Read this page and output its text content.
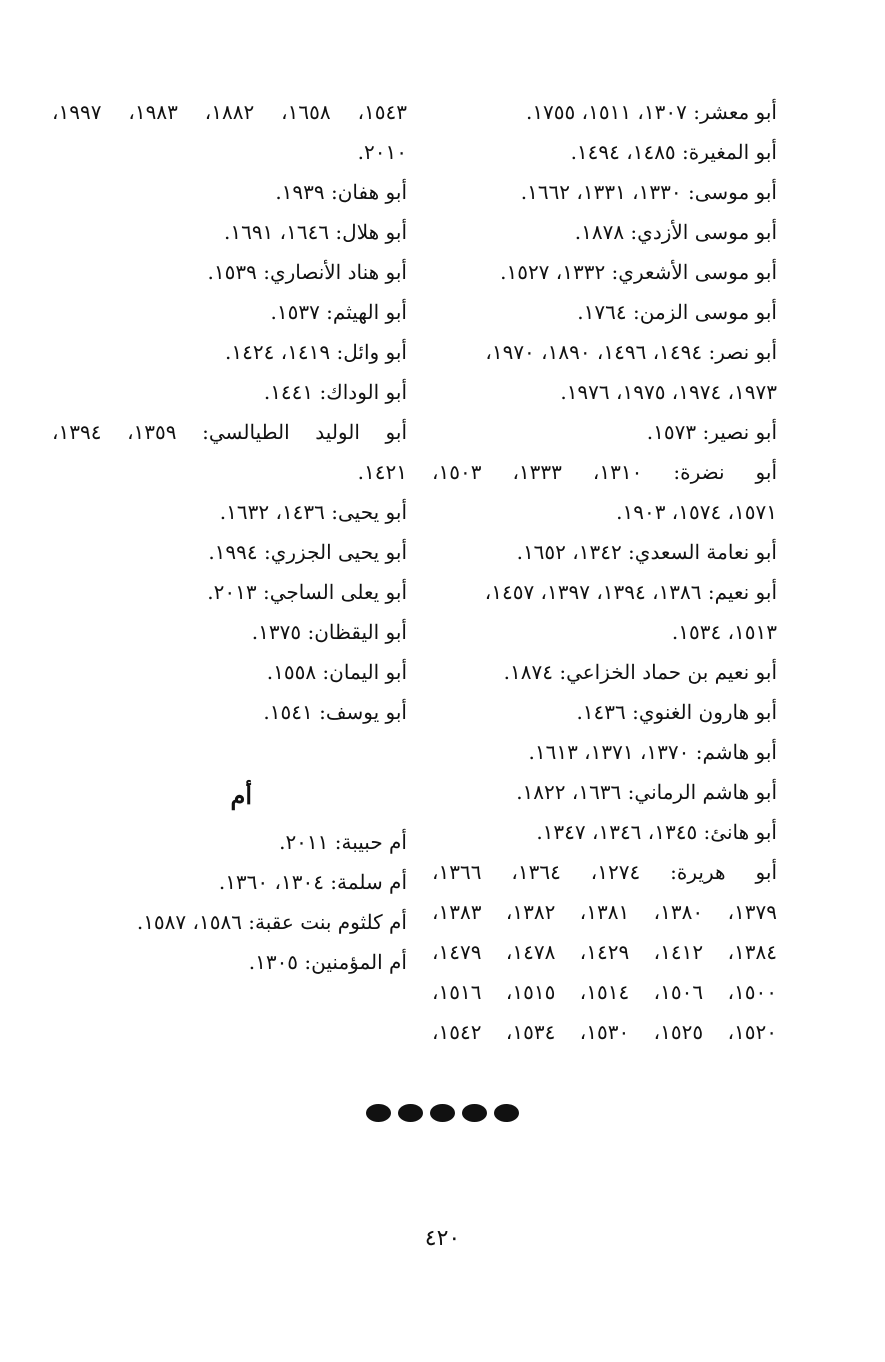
أبو معشر: ١٣٠٧، ١٥١١، ١٧٥٥.
أبو المغيرة: ١٤٨٥، ١٤٩٤.
أبو موسى: ١٣٣٠، ١٣٣١، ١٦٦٢.
أبو موسى الأزدي: ١٨٧٨.
أبو موسى الأشعري: ١٣٣٢، ١٥٢٧.
أبو موسى الزمن: ١٧٦٤.
أبو نصر: ١٤٩٤، ١٤٩٦، ١٨٩٠، ١٩٧٠،
١٩٧٣، ١٩٧٤، ١٩٧٥، ١٩٧٦.
أبو نصير: ١٥٧٣.
أبو نضرة: ١٣١٠، ١٣٣٣، ١٥٠٣،
١٥٧١، ١٥٧٤، ١٩٠٣.
أبو نعامة السعدي: ١٣٤٢، ١٦٥٢.
أبو نعيم: ١٣٨٦، ١٣٩٤، ١٣٩٧، ١٤٥٧،
١٥١٣، ١٥٣٤.
أبو نعيم بن حماد الخزاعي: ١٨٧٤.
أبو هارون الغنوي: ١٤٣٦.
أبو هاشم: ١٣٧٠، ١٣٧١، ١٦١٣.
أبو هاشم الرماني: ١٦٣٦، ١٨٢٢.
أبو هانئ: ١٣٤٥، ١٣٤٦، ١٣٤٧.
أبو هريرة: ١٢٧٤، ١٣٦٤، ١٣٦٦،
١٣٧٩، ١٣٨٠، ١٣٨١، ١٣٨٢، ١٣٨٣،
١٣٨٤، ١٤١٢، ١٤٢٩، ١٤٧٨، ١٤٧٩،
١٥٠٠، ١٥٠٦، ١٥١٤، ١٥١٥، ١٥١٦،
١٥٢٠، ١٥٢٥، ١٥٣٠، ١٥٣٤، ١٥٤٢،
١٥٤٣، ١٦٥٨، ١٨٨٢، ١٩٨٣، ١٩٩٧،
٢٠١٠.
أبو هفان: ١٩٣٩.
أبو هلال: ١٦٤٦، ١٦٩١.
أبو هناد الأنصاري: ١٥٣٩.
أبو الهيثم: ١٥٣٧.
أبو وائل: ١٤١٩، ١٤٢٤.
أبو الوداك: ١٤٤١.
أبو الوليد الطيالسي: ١٣٥٩، ١٣٩٤،
١٤٢١.
أبو يحيى: ١٤٣٦، ١٦٣٢.
أبو يحيى الجزري: ١٩٩٤.
أبو يعلى الساجي: ٢٠١٣.
أبو اليقظان: ١٣٧٥.
أبو اليمان: ١٥٥٨.
أبو يوسف: ١٥٤١.
أم
أم حبيبة: ٢٠١١.
أم سلمة: ١٣٠٤، ١٣٦٠.
أم كلثوم بنت عقبة: ١٥٨٦، ١٥٨٧.
أم المؤمنين: ١٣٠٥.
٤٢٠
